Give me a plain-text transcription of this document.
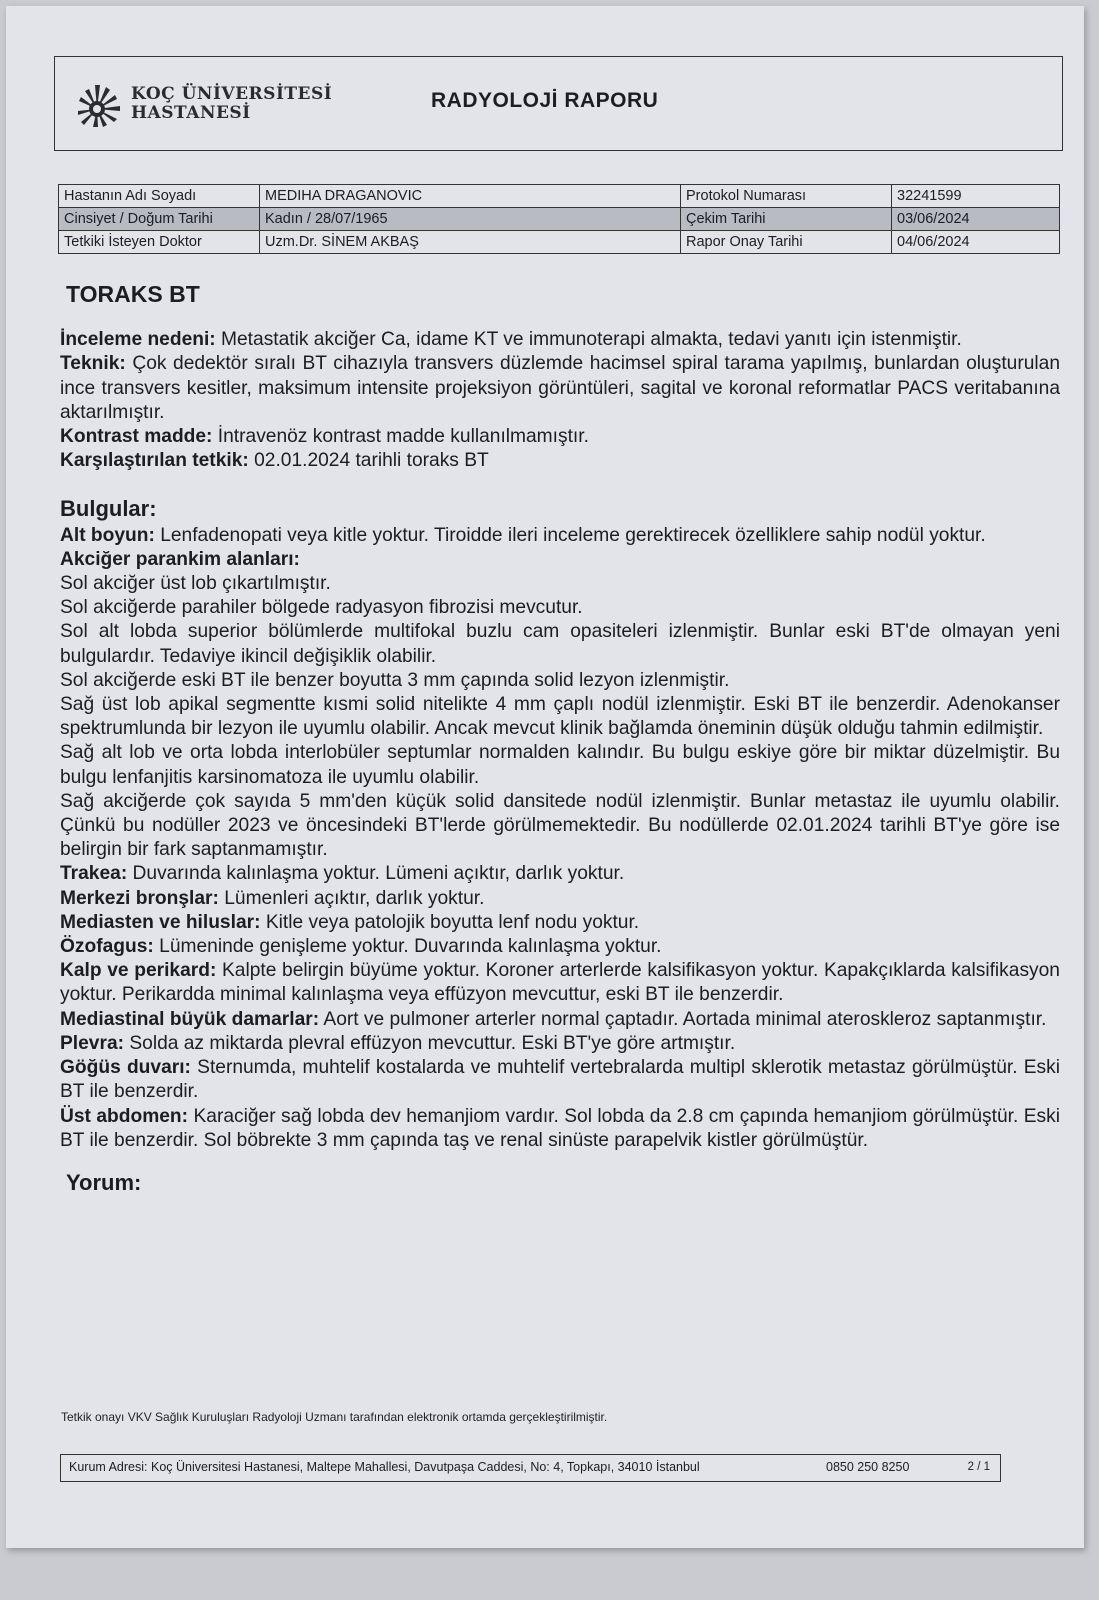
KOÇ ÜNİVERSİTESİ
HASTANESİ
RADYOLOJİ RAPORU
Hastanın Adı Soyadı	MEDIHA DRAGANOVIC	Protokol Numarası	32241599
Cinsiyet / Doğum Tarihi	Kadın / 28/07/1965	Çekim Tarihi	03/06/2024
Tetkiki İsteyen Doktor	Uzm.Dr. SİNEM AKBAŞ	Rapor Onay Tarihi	04/06/2024
TORAKS BT

İnceleme nedeni: Metastatik akciğer Ca, idame KT ve immunoterapi almakta, tedavi yanıtı için istenmiştir.

Teknik: Çok dedektör sıralı BT cihazıyla transvers düzlemde hacimsel spiral tarama yapılmış, bunlardan oluşturulan ince transvers kesitler, maksimum intensite projeksiyon görüntüleri, sagital ve koronal reformatlar PACS veritabanına aktarılmıştır.

Kontrast madde: İntravenöz kontrast madde kullanılmamıştır.

Karşılaştırılan tetkik: 02.01.2024 tarihli toraks BT

Bulgular:

Alt boyun: Lenfadenopati veya kitle yoktur. Tiroidde ileri inceleme gerektirecek özelliklere sahip nodül yoktur.

Akciğer parankim alanları:

Sol akciğer üst lob çıkartılmıştır.

Sol akciğerde parahiler bölgede radyasyon fibrozisi mevcutur.

Sol alt lobda superior bölümlerde multifokal buzlu cam opasiteleri izlenmiştir. Bunlar eski BT'de olmayan yeni bulgulardır. Tedaviye ikincil değişiklik olabilir.

Sol akciğerde eski BT ile benzer boyutta 3 mm çapında solid lezyon izlenmiştir.

Sağ üst lob apikal segmentte kısmi solid nitelikte 4 mm çaplı nodül izlenmiştir. Eski BT ile benzerdir. Adenokanser spektrumlunda bir lezyon ile uyumlu olabilir. Ancak mevcut klinik bağlamda öneminin düşük olduğu tahmin edilmiştir.

Sağ alt lob ve orta lobda interlobüler septumlar normalden kalındır. Bu bulgu eskiye göre bir miktar düzelmiştir. Bu bulgu lenfanjitis karsinomatoza ile uyumlu olabilir.

Sağ akciğerde çok sayıda 5 mm'den küçük solid dansitede nodül izlenmiştir. Bunlar metastaz ile uyumlu olabilir. Çünkü bu nodüller 2023 ve öncesindeki BT'lerde görülmemektedir. Bu nodüllerde 02.01.2024 tarihli BT'ye göre ise belirgin bir fark saptanmamıştır.

Trakea: Duvarında kalınlaşma yoktur. Lümeni açıktır, darlık yoktur.

Merkezi bronşlar: Lümenleri açıktır, darlık yoktur.

Mediasten ve hiluslar: Kitle veya patolojik boyutta lenf nodu yoktur.

Özofagus: Lümeninde genişleme yoktur. Duvarında kalınlaşma yoktur.

Kalp ve perikard: Kalpte belirgin büyüme yoktur. Koroner arterlerde kalsifikasyon yoktur. Kapakçıklarda kalsifikasyon yoktur. Perikardda minimal kalınlaşma veya effüzyon mevcuttur, eski BT ile benzerdir.

Mediastinal büyük damarlar: Aort ve pulmoner arterler normal çaptadır. Aortada minimal ateroskleroz saptanmıştır.

Plevra: Solda az miktarda plevral effüzyon mevcuttur. Eski BT'ye göre artmıştır.

Göğüs duvarı: Sternumda, muhtelif kostalarda ve muhtelif vertebralarda multipl sklerotik metastaz görülmüştür. Eski BT ile benzerdir.

Üst abdomen: Karaciğer sağ lobda dev hemanjiom vardır. Sol lobda da 2.8 cm çapında hemanjiom görülmüştür. Eski BT ile benzerdir. Sol böbrekte 3 mm çapında taş ve renal sinüste parapelvik kistler görülmüştür.

Yorum:
Tetkik onayı VKV Sağlık Kuruluşları Radyoloji Uzmanı tarafından elektronik ortamda gerçekleştirilmiştir.
Kurum Adresi: Koç Üniversitesi Hastanesi, Maltepe Mahallesi, Davutpaşa Caddesi, No: 4, Topkapı, 34010 İstanbul	0850 250 8250	2 / 1
